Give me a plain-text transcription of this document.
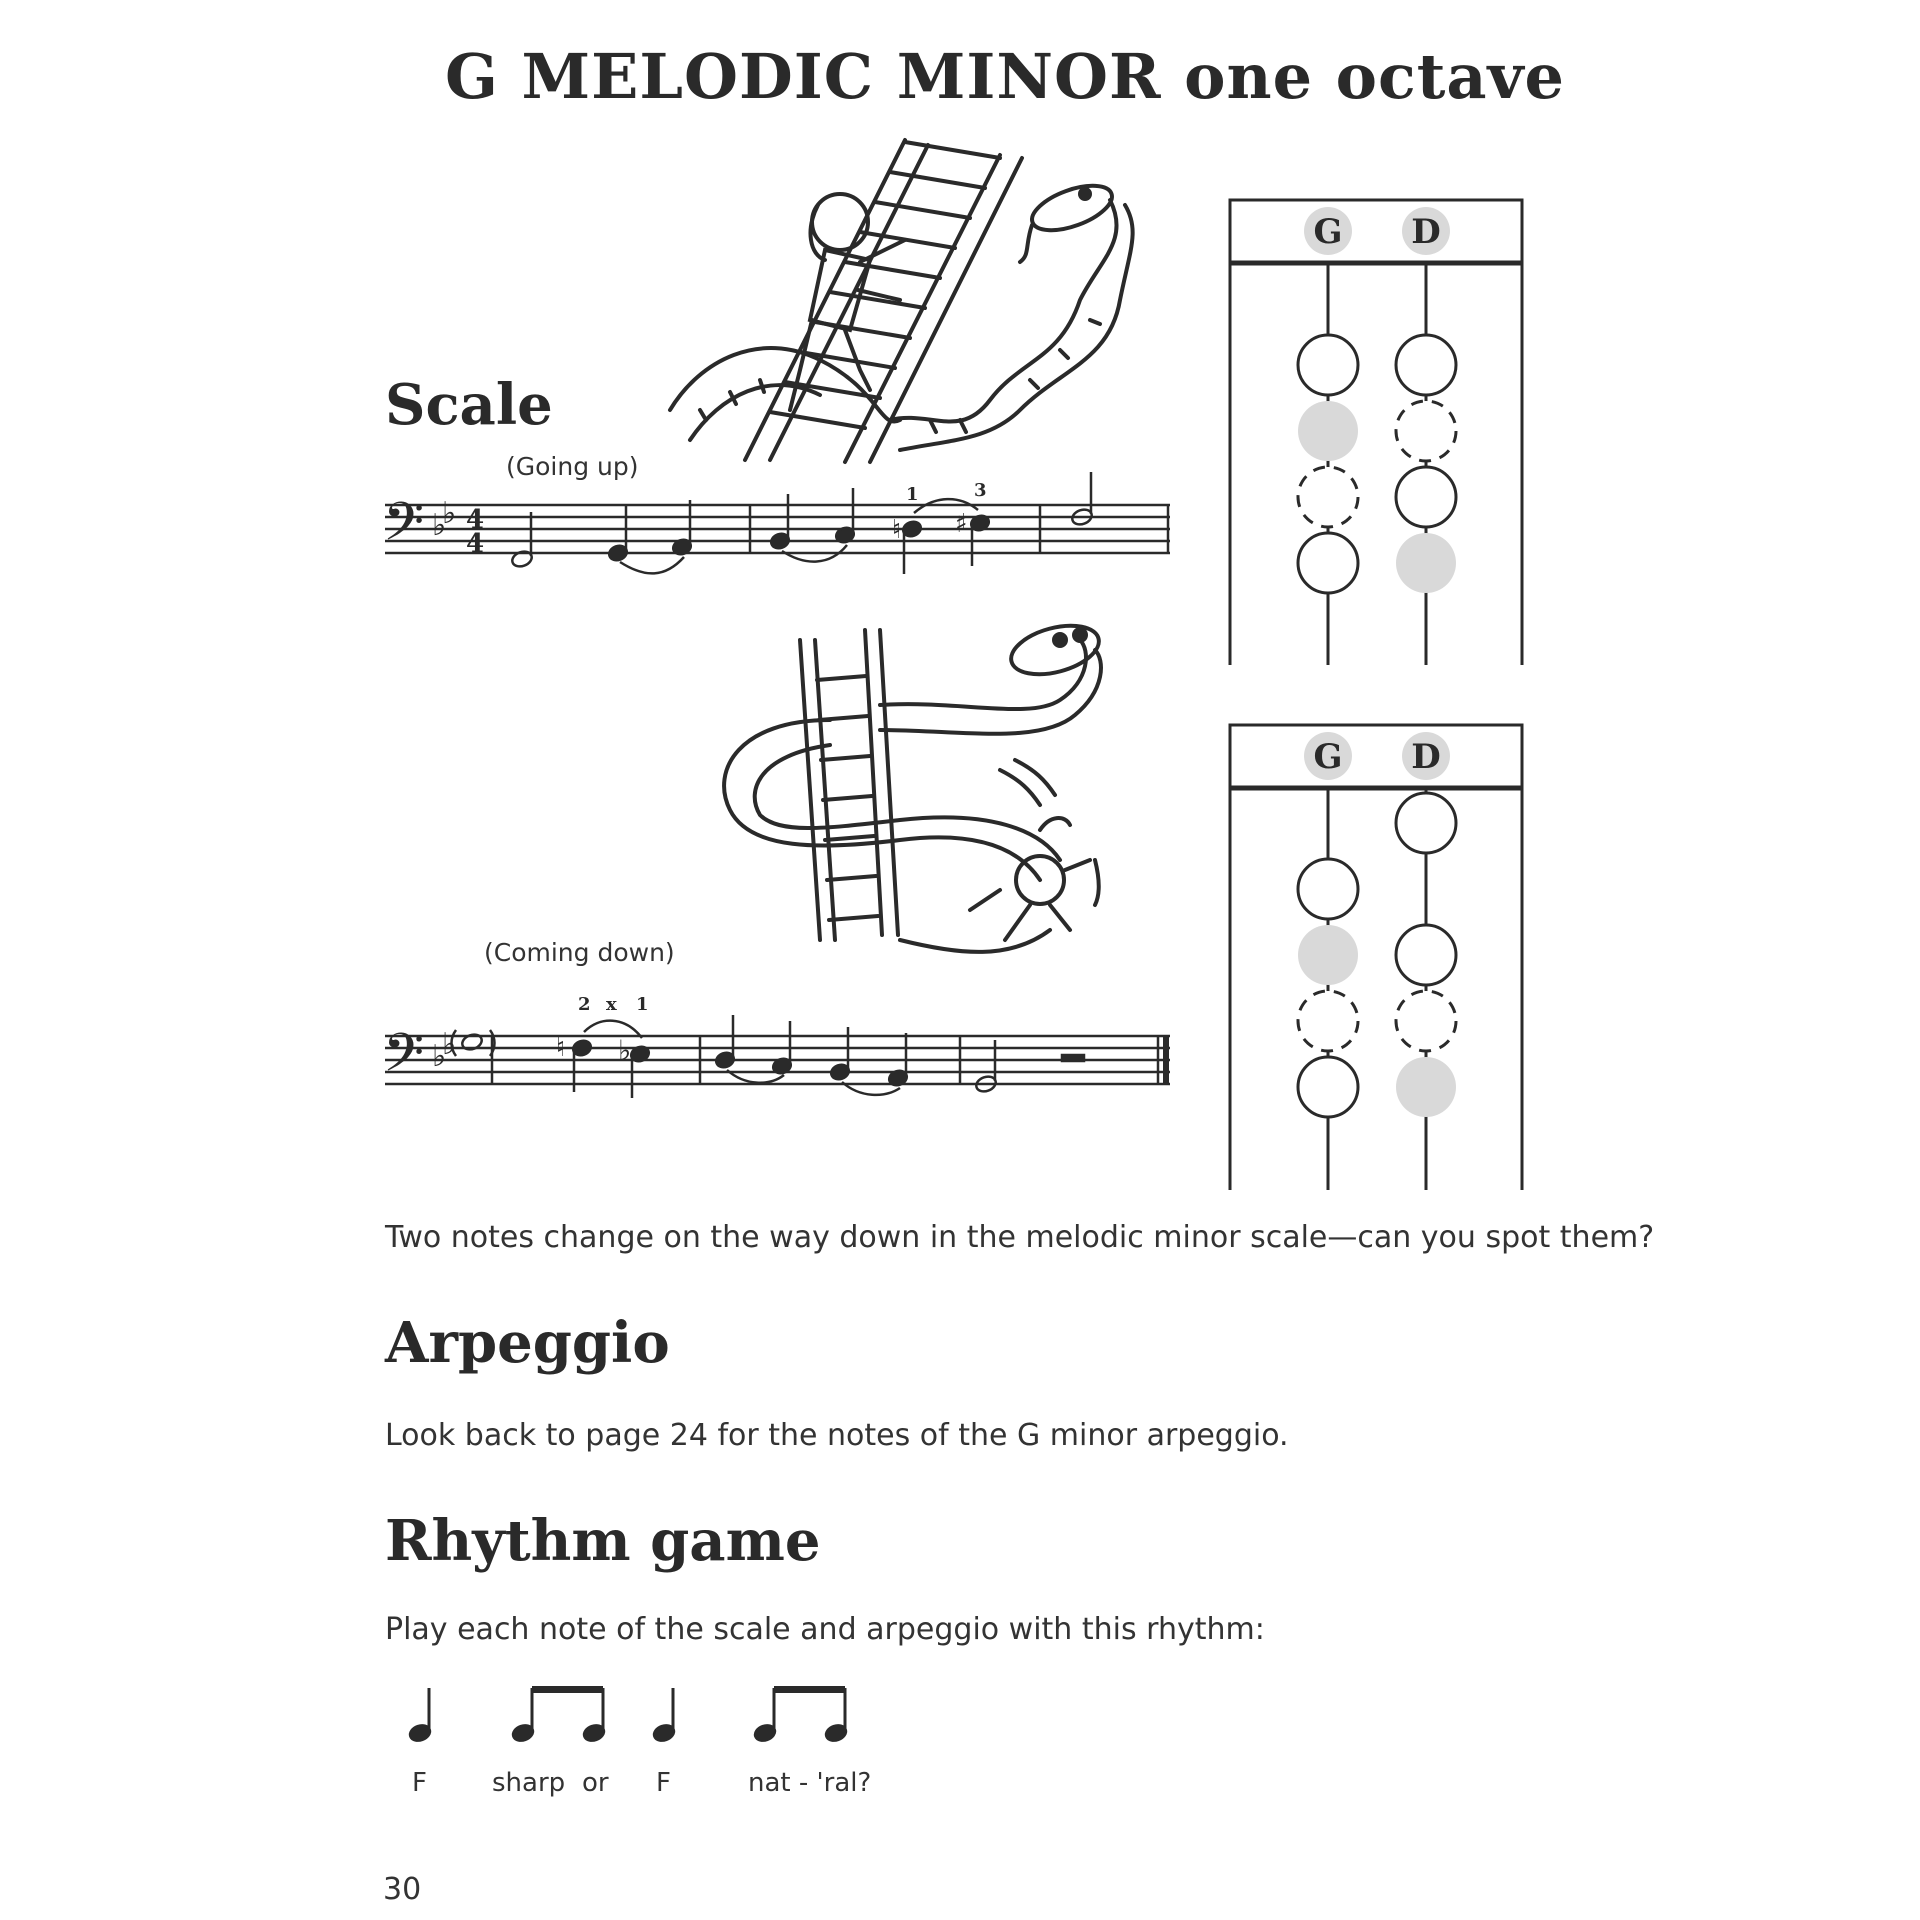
G MELODIC MINOR one octave
Scale
(Going up)
(Coming down)
Two notes change on the way down in the melodic minor scale—can you spot them?
Arpeggio
Look back to page 24 for the notes of the G minor arpeggio.
Rhythm game
Play each note of the scale and arpeggio with this rhythm:
F	sharp or F	nat - 'ral?
30
𝄢 ♭
♭ 4
4	♮ ♯
1	3
𝄢 ♭
♭	♮ ♭
2 x 1
G D
G D
